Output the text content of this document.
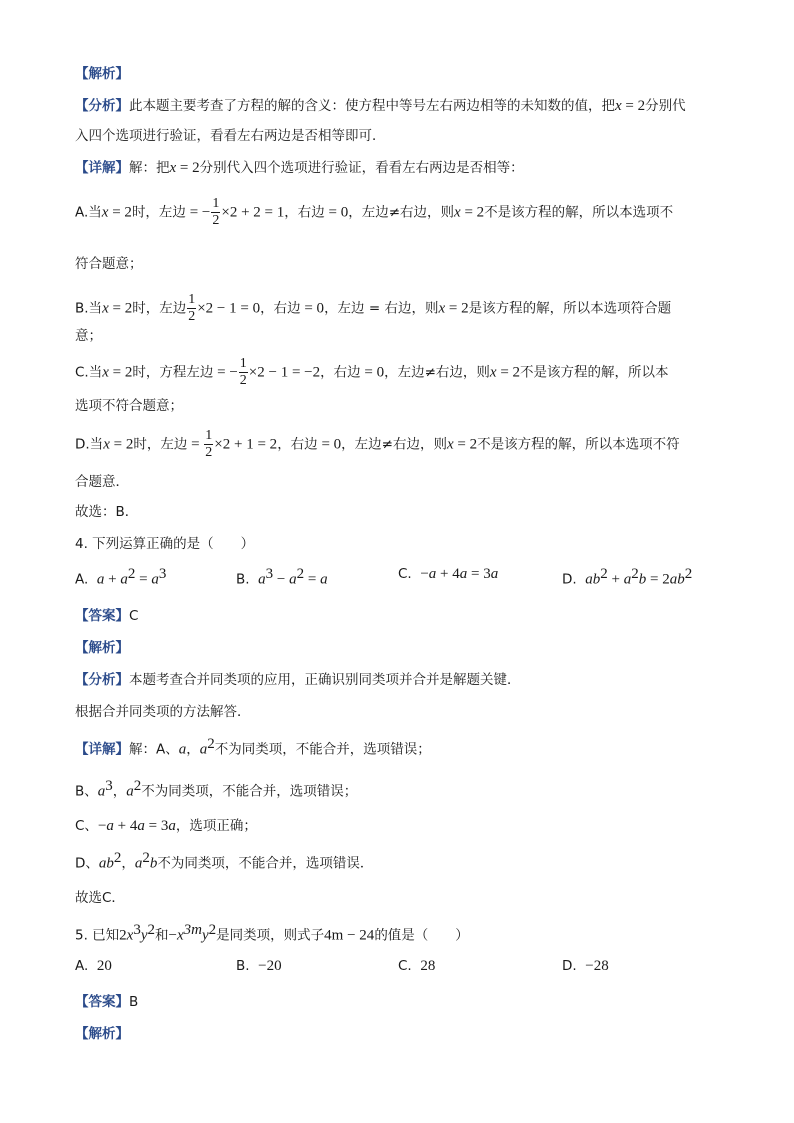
【解析】
【分析】此本题主要考查了方程的解的含义：使方程中等号左右两边相等的未知数的值，把x = 2分别代
入四个选项进行验证，看看左右两边是否相等即可．
【详解】解：把x = 2分别代入四个选项进行验证，看看左右两边是否相等：
A.当x = 2时，左边 = − $\frac{1}{2} \times 2 + 2 = 1$，右边 = 0，左边≠右边，则x = 2不是该方程的解，所以本选项不
符合题意；
B.当x = 2时，左边 $\frac{1}{2} \times 2 - 1 = 0$，右边 = 0，左边 = 右边，则x = 2是该方程的解，所以本选项符合题
意；
C.当x = 2时，方程左边 = − $\frac{1}{2} \times 2 - 1 = -2$，右边 = 0，左边≠右边，则x = 2不是该方程的解，所以本
选项不符合题意；
D.当x = 2时，左边 = $\frac{1}{2} \times 2 + 1 = 2$，右边 = 0，左边≠右边，则x = 2不是该方程的解，所以本选项不符
合题意．
故选：B．
4. 下列运算正确的是（　　）
A. $a + a^2 = a^3$	B. $a^3 - a^2 = a$	C. −a + 4a = 3a	D. $ab^2 + a^2b = 2ab^2$
【答案】C
【解析】
【分析】本题考查合并同类项的应用，正确识别同类项并合并是解题关键．
根据合并同类项的方法解答．
【详解】解：A、a，$a^2$不为同类项，不能合并，选项错误；
B、$a^3$，$a^2$不为同类项，不能合并，选项错误；
C、−a + 4a = 3a，选项正确；
D、$ab^2$，$a^2b$不为同类项，不能合并，选项错误．
故选C．
5. 已知$2x^3y^2$和$-x^{3m}y^2$是同类项，则式子4m − 24的值是（　　）
A. 20	B. −20	C. 28	D. −28
【答案】B
【解析】
